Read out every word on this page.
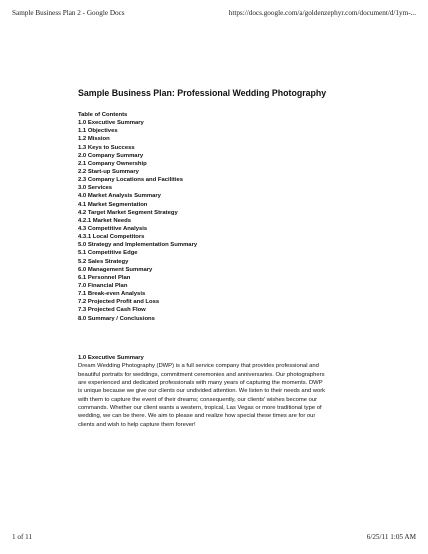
Sample Business Plan 2 - Google Docs	https://docs.google.com/a/goldenzephyr.com/document/d/1ym-...
Sample Business Plan: Professional Wedding Photography
Table of Contents
1.0 Executive Summary
1.1 Objectives
1.2 Mission
1.3 Keys to Success
2.0 Company Summary
2.1 Company Ownership
2.2 Start-up Summary
2.3 Company Locations and Facilities
3.0 Services
4.0 Market Analysis Summary
4.1 Market Segmentation
4.2 Target Market Segment Strategy
4.2.1 Market Needs
4.3 Competitive Analysis
4.3.1 Local Competitors
5.0 Strategy and Implementation Summary
5.1 Competitive Edge
5.2 Sales Strategy
6.0 Management Summary
6.1 Personnel Plan
7.0 Financial Plan
7.1 Break-even Analysis
7.2 Projected Profit and Loss
7.3 Projected Cash Flow
8.0 Summary / Conclusions
1.0 Executive Summary
Dream Wedding Photography (DWP) is a full service company that provides professional and
beautiful portraits for weddings, commitment ceremonies and anniversaries. Our photographers
are experienced and dedicated professionals with many years of capturing the moments. DWP
is unique because we give our clients our undivided attention. We listen to their needs and work
with them to capture the event of their dreams; consequently, our clients' wishes become our
commands. Whether our client wants a western, tropical, Las Vegas or more traditional type of
wedding, we can be there. We aim to please and realize how special these times are for our
clients and wish to help capture them forever!
1 of 11	6/25/11 1:05 AM
